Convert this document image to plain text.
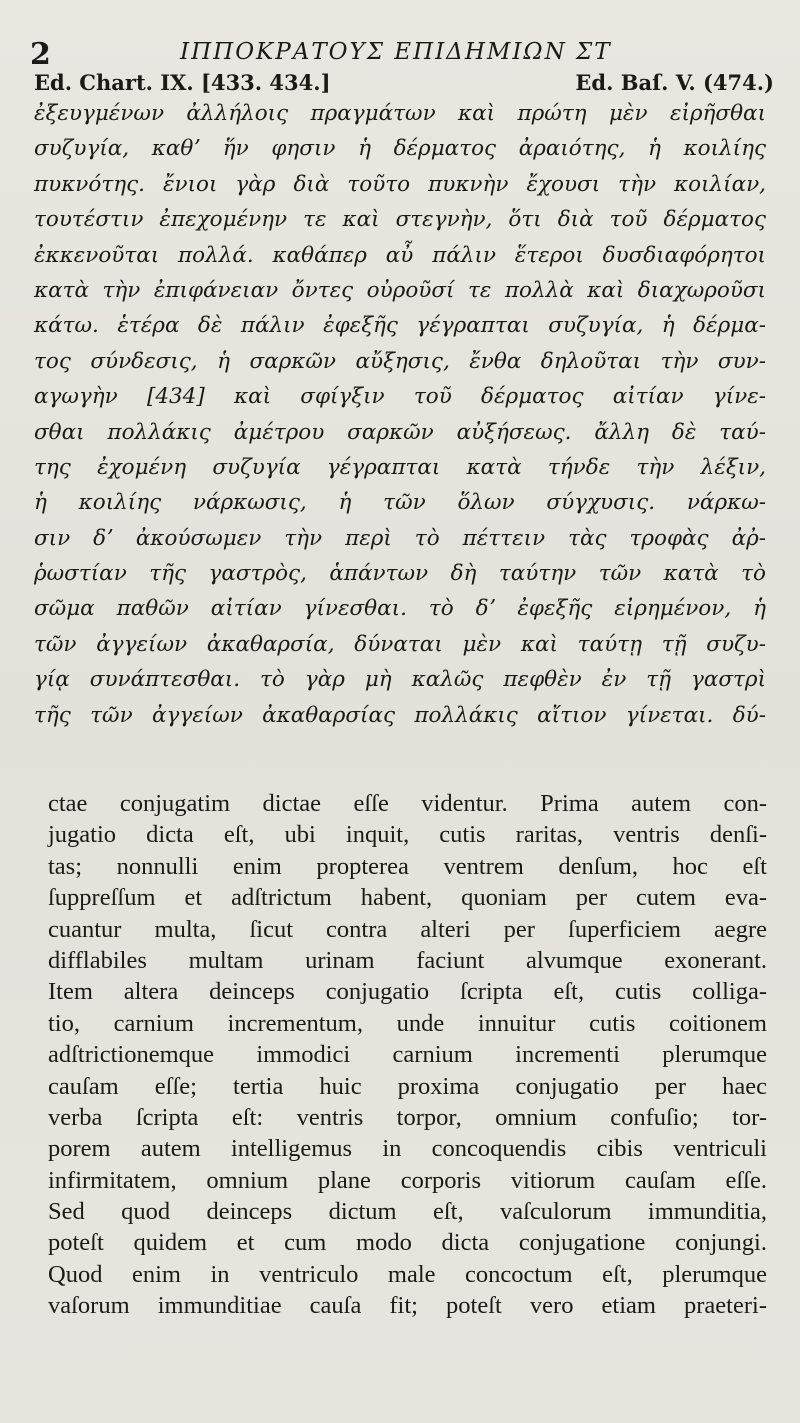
2	ΙΠΠΟΚΡΑΤΟΥΣ ΕΠΙΔΗΜΙΩΝ ΣΤ
Ed. Chart. IX. [433. 434.]	Ed. Baſ. V. (474.)
ἐξευγμένων ἀλλήλοις πραγμάτων καὶ πρώτη μὲν εἰρῆσθαι
συζυγία, καθʼ ἥν φησιν ἡ δέρματος ἀραιότης, ἡ κοιλίης
πυκνότης. ἔνιοι γὰρ διὰ τοῦτο πυκνὴν ἔχουσι τὴν κοιλίαν,
τουτέστιν ἐπεχομένην τε καὶ στεγνὴν, ὅτι διὰ τοῦ δέρματος
ἐκκενοῦται πολλά. καθάπερ αὖ πάλιν ἕτεροι δυσδιαφόρητοι
κατὰ τὴν ἐπιφάνειαν ὄντες οὐροῦσί τε πολλὰ καὶ διαχωροῦσι
κάτω. ἑτέρα δὲ πάλιν ἐφεξῆς γέγραπται συζυγία, ἡ δέρμα-
τος σύνδεσις, ἡ σαρκῶν αὔξησις, ἔνθα δηλοῦται τὴν συν-
αγωγὴν [434] καὶ σφίγξιν τοῦ δέρματος αἰτίαν γίνε-
σθαι πολλάκις ἀμέτρου σαρκῶν αὐξήσεως. ἄλλη δὲ ταύ-
της ἐχομένη συζυγία γέγραπται κατὰ τήνδε τὴν λέξιν,
ἡ κοιλίης νάρκωσις, ἡ τῶν ὅλων σύγχυσις. νάρκω-
σιν δʼ ἀκούσωμεν τὴν περὶ τὸ πέττειν τὰς τροφὰς ἀῤ-
ῥωστίαν τῆς γαστρὸς, ἁπάντων δὴ ταύτην τῶν κατὰ τὸ
σῶμα παθῶν αἰτίαν γίνεσθαι. τὸ δʼ ἐφεξῆς εἰρημένον, ἡ
τῶν ἀγγείων ἀκαθαρσία, δύναται μὲν καὶ ταύτῃ τῇ συζυ-
γίᾳ συνάπτεσθαι. τὸ γὰρ μὴ καλῶς πεφθὲν ἐν τῇ γαστρὶ
τῆς τῶν ἀγγείων ἀκαθαρσίας πολλάκις αἴτιον γίνεται. δύ-
ctae conjugatim dictae eſſe videntur. Prima autem con-
jugatio dicta eſt, ubi inquit, cutis raritas, ventris denſi-
tas; nonnulli enim propterea ventrem denſum, hoc eſt
ſuppreſſum et adſtrictum habent, quoniam per cutem eva-
cuantur multa, ſicut contra alteri per ſuperficiem aegre
difflabiles multam urinam faciunt alvumque exonerant.
Item altera deinceps conjugatio ſcripta eſt, cutis colliga-
tio, carnium incrementum, unde innuitur cutis coitionem
adſtrictionemque immodici carnium incrementi plerumque
cauſam eſſe; tertia huic proxima conjugatio per haec
verba ſcripta eſt: ventris torpor, omnium confuſio; tor-
porem autem intelligemus in concoquendis cibis ventriculi
infirmitatem, omnium plane corporis vitiorum cauſam eſſe.
Sed quod deinceps dictum eſt, vaſculorum immunditia,
poteſt quidem et cum modo dicta conjugatione conjungi.
Quod enim in ventriculo male concoctum eſt, plerumque
vaſorum immunditiae cauſa fit; poteſt vero etiam praeteri-
